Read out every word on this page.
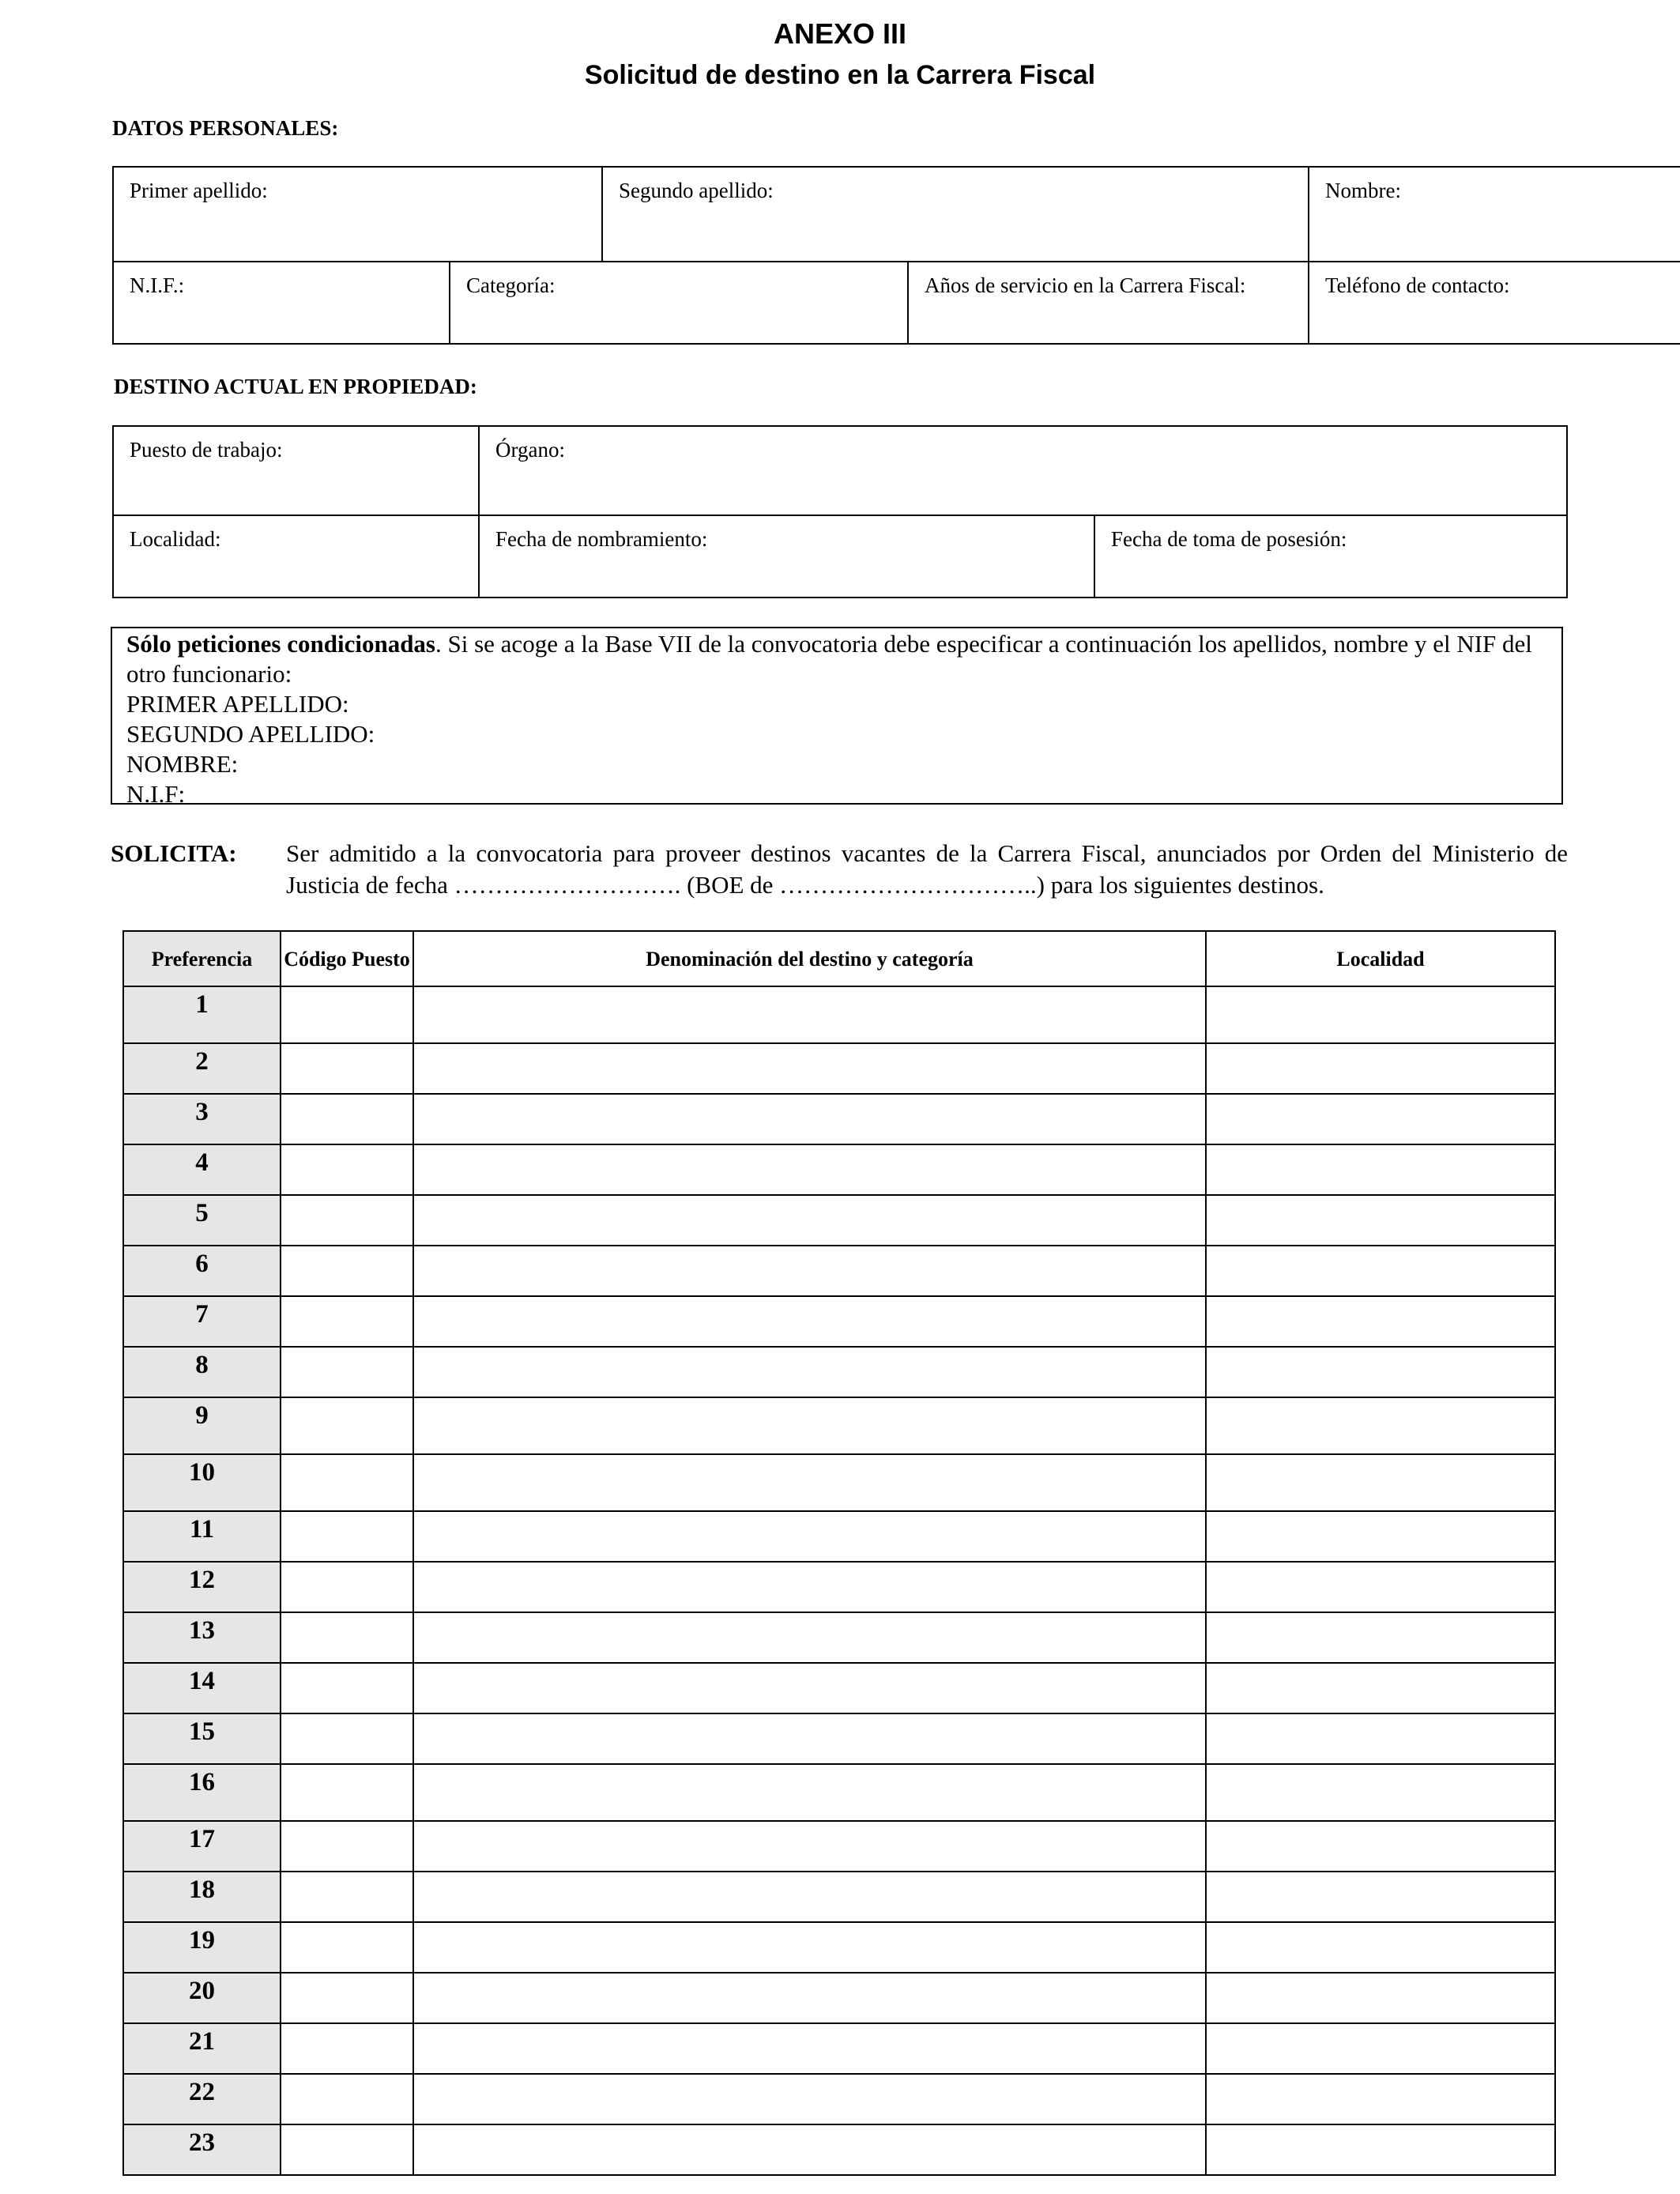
ANEXO III
Solicitud de destino en la Carrera Fiscal
DATOS PERSONALES:
Primer apellido:		Segundo apellido:		Nombre:

N.I.F.:	Categoría:		Años de servicio en la Carrera Fiscal:	Teléfono de contacto:
DESTINO ACTUAL EN PROPIEDAD:
Puesto de trabajo:	Órgano:	

Localidad:	Fecha de nombramiento:	Fecha de toma de posesión:
Sólo peticiones condicionadas. Si se acoge a la Base VII de la convocatoria debe especificar a continuación los apellidos, nombre y el NIF del otro funcionario:
PRIMER APELLIDO:
SEGUNDO APELLIDO:
NOMBRE:
N.I.F:
SOLICITA: Ser admitido a la convocatoria para proveer destinos vacantes de la Carrera Fiscal, anunciados por Orden del Ministerio de Justicia de fecha ………………………. (BOE de …………………………..) para los siguientes destinos.
Preferencia	Código Puesto	Denominación del destino y categoría	Localidad
1			
2			
3			
4			
5			
6			
7			
8			
9			
10			
11			
12			
13			
14			
15			
16			
17			
18			
19			
20			
21			
22			
23			
